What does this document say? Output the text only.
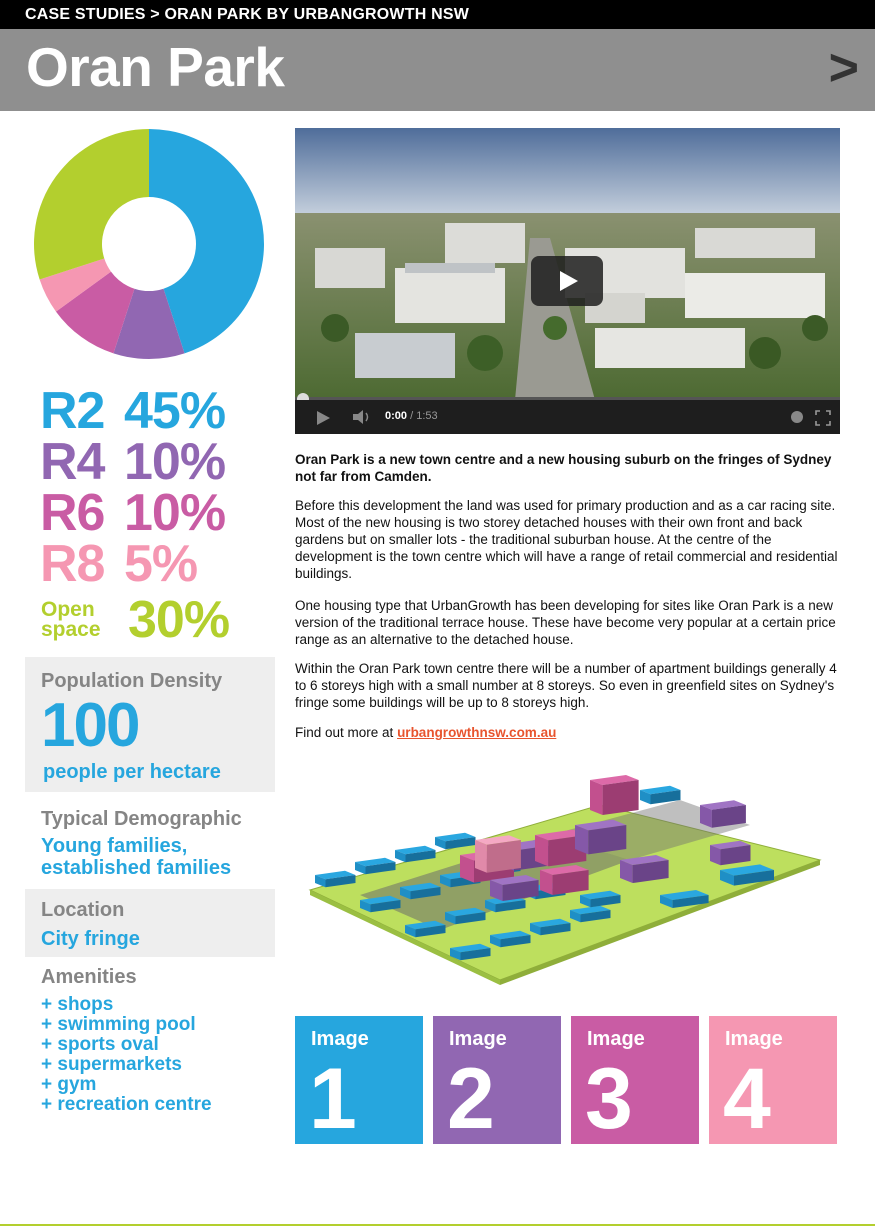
CASE STUDIES > ORAN PARK BY URBANGROWTH NSW
Oran Park	>
R2 45%
R4 10%
R6 10%
R8 5%
Open
space 30%
Population Density
100
people per hectare
Typical Demographic
Young families,
established families
Location
City fringe
Amenities
+ shops
+ swimming pool
+ sports oval
+ supermarkets
+ gym
+ recreation centre
0:00 / 1:53
Oran Park is a new town centre and a new housing suburb on the fringes of Sydney not far from Camden.
Before this development the land was used for primary production and as a car racing site. Most of the new housing is two storey detached houses with their own front and back gardens but on smaller lots - the traditional suburban house. At the centre of the development is the town centre which will have a range of retail commercial and residential buildings.
One housing type that UrbanGrowth has been developing for sites like Oran Park is a new version of the traditional terrace house. These have become very popular at a certain price range as an alternative to the detached house.
Within the Oran Park town centre there will be a number of apartment buildings generally 4 to 6 storeys high with a small number at 8 storeys. So even in greenfield sites on Sydney's fringe some buildings will be up to 8 storeys high.
Find out more at urbangrowthnsw.com.au
Image
1
Image
2
Image
3
Image
4
